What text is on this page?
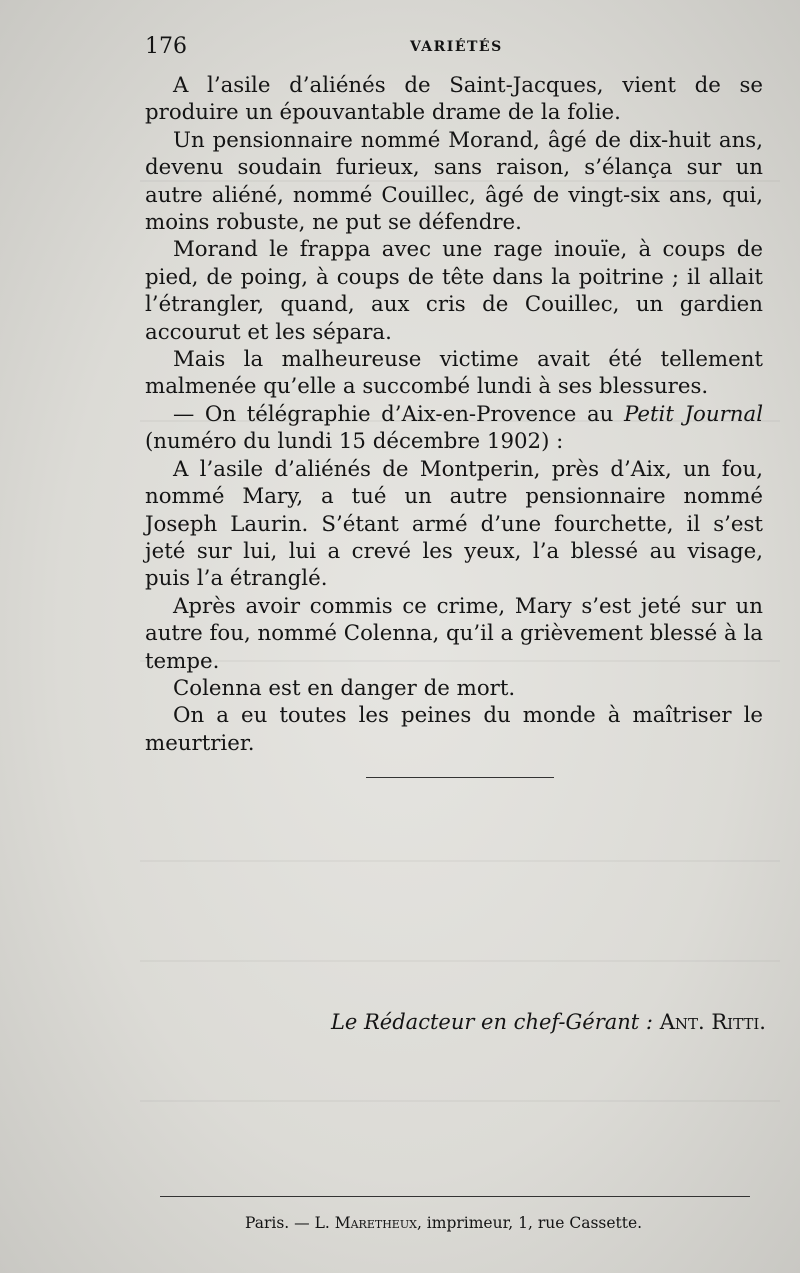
176	VARIÉTÉS

A l’asile d’aliénés de Saint-Jacques, vient de se produire un épouvantable drame de la folie.

Un pensionnaire nommé Morand, âgé de dix-huit ans, devenu soudain furieux, sans raison, s’élança sur un autre aliéné, nommé Couillec, âgé de vingt-six ans, qui, moins robuste, ne put se défendre.

Morand le frappa avec une rage inouïe, à coups de pied, de poing, à coups de tête dans la poitrine ; il allait l’étrangler, quand, aux cris de Couillec, un gardien accourut et les sépara.

Mais la malheureuse victime avait été tellement malmenée qu’elle a succombé lundi à ses blessures.

— On télégraphie d’Aix-en-Provence au Petit Journal (numéro du lundi 15 décembre 1902) :

A l’asile d’aliénés de Montperin, près d’Aix, un fou, nommé Mary, a tué un autre pensionnaire nommé Joseph Laurin. S’étant armé d’une fourchette, il s’est jeté sur lui, lui a crevé les yeux, l’a blessé au visage, puis l’a étranglé.

Après avoir commis ce crime, Mary s’est jeté sur un autre fou, nommé Colenna, qu’il a grièvement blessé à la tempe.

Colenna est en danger de mort.

On a eu toutes les peines du monde à maîtriser le meurtrier.

Le Rédacteur en chef-Gérant : Ant. Ritti.
Paris. — L. Maretheux, imprimeur, 1, rue Cassette.
